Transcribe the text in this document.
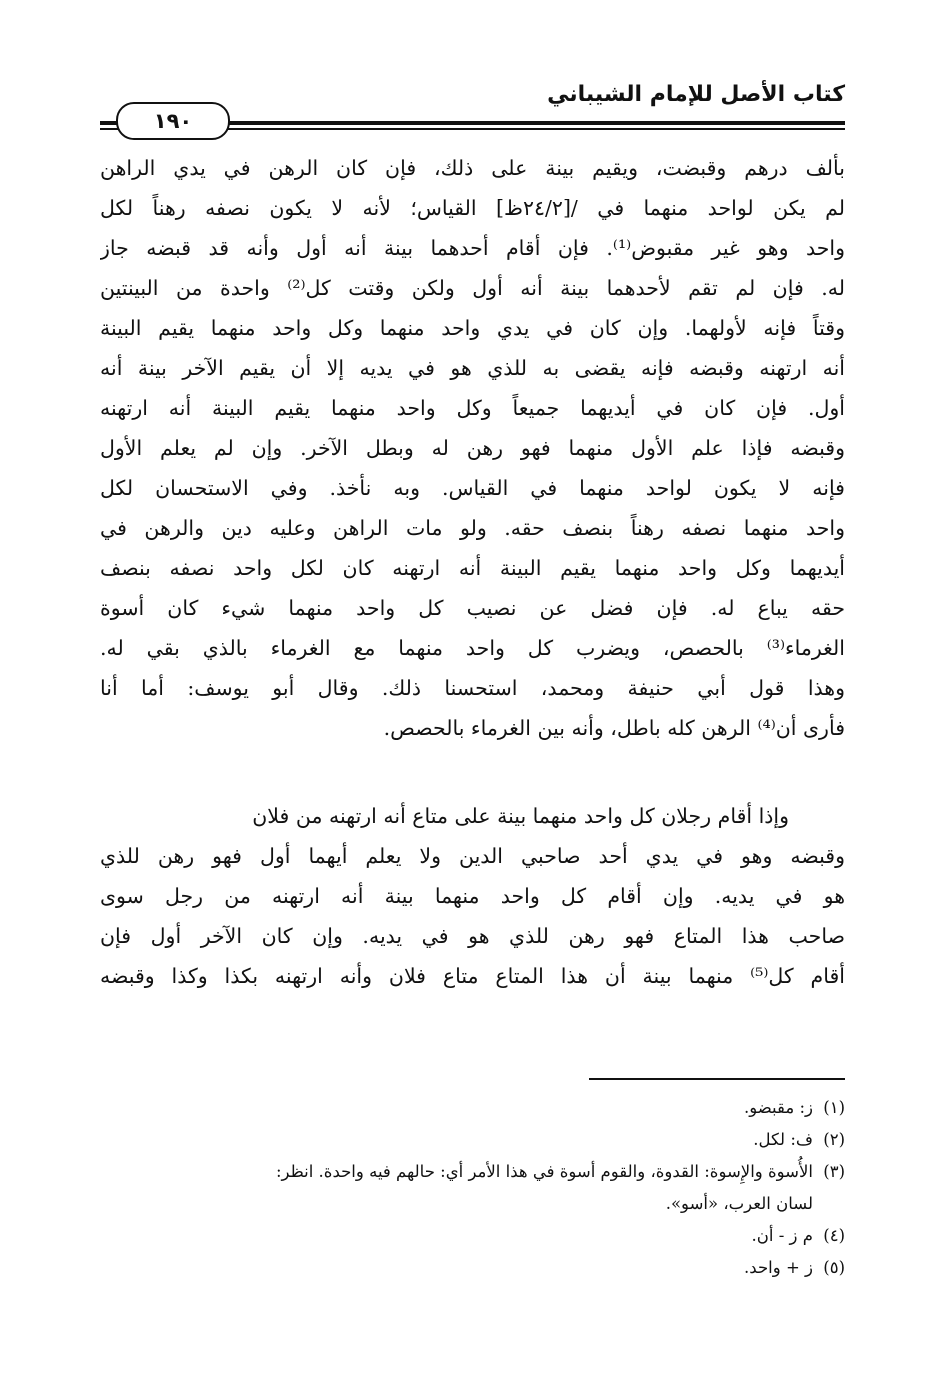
كتاب الأصل للإمام الشيباني
١٩٠
بألف درهم وقبضت، ويقيم بينة على ذلك، فإن كان الرهن في يدي الراهن
لم يكن لواحد منهما في /[٢٤/٢ظ] القياس؛ لأنه لا يكون نصفه رهناً لكل
واحد وهو غير مقبوض⁽¹⁾. فإن أقام أحدهما بينة أنه أول وأنه قد قبضه جاز
له. فإن لم تقم لأحدهما بينة أنه أول ولكن وقتت كل⁽²⁾ واحدة من البينتين
وقتاً فإنه لأولهما. وإن كان في يدي واحد منهما وكل واحد منهما يقيم البينة
أنه ارتهنه وقبضه فإنه يقضى به للذي هو في يديه إلا أن يقيم الآخر بينة أنه
أول. فإن كان في أيديهما جميعاً وكل واحد منهما يقيم البينة أنه ارتهنه
وقبضه فإذا علم الأول منهما فهو رهن له وبطل الآخر. وإن لم يعلم الأول
فإنه لا يكون لواحد منهما في القياس. وبه نأخذ. وفي الاستحسان لكل
واحد منهما نصفه رهناً بنصف حقه. ولو مات الراهن وعليه دين والرهن في
أيديهما وكل واحد منهما يقيم البينة أنه ارتهنه كان لكل واحد نصفه بنصف
حقه يباع له. فإن فضل عن نصيب كل واحد منهما شيء كان أسوة
الغرماء⁽³⁾ بالحصص، ويضرب كل واحد منهما مع الغرماء بالذي بقي له.
وهذا قول أبي حنيفة ومحمد، استحسنا ذلك. وقال أبو يوسف: أما أنا
فأرى أن⁽⁴⁾ الرهن كله باطل، وأنه بين الغرماء بالحصص.
وإذا أقام رجلان كل واحد منهما بينة على متاع أنه ارتهنه من فلان
وقبضه وهو في يدي أحد صاحبي الدين ولا يعلم أيهما أول فهو رهن للذي
هو في يديه. وإن أقام كل واحد منهما بينة أنه ارتهنه من رجل سوى
صاحب هذا المتاع فهو رهن للذي هو في يديه. وإن كان الآخر أول فإن
أقام كل⁽⁵⁾ منهما بينة أن هذا المتاع متاع فلان وأنه ارتهنه بكذا وكذا وقبضه
(١)
ز: مقبضو.
(٢)
ف: لكل.
(٣)
الأُسوة والإِسوة: القدوة، والقوم أسوة في هذا الأمر أي: حالهم فيه واحدة. انظر:
لسان العرب، «أسو».
(٤)
م ز - أن.
(٥)
ز + واحد.
